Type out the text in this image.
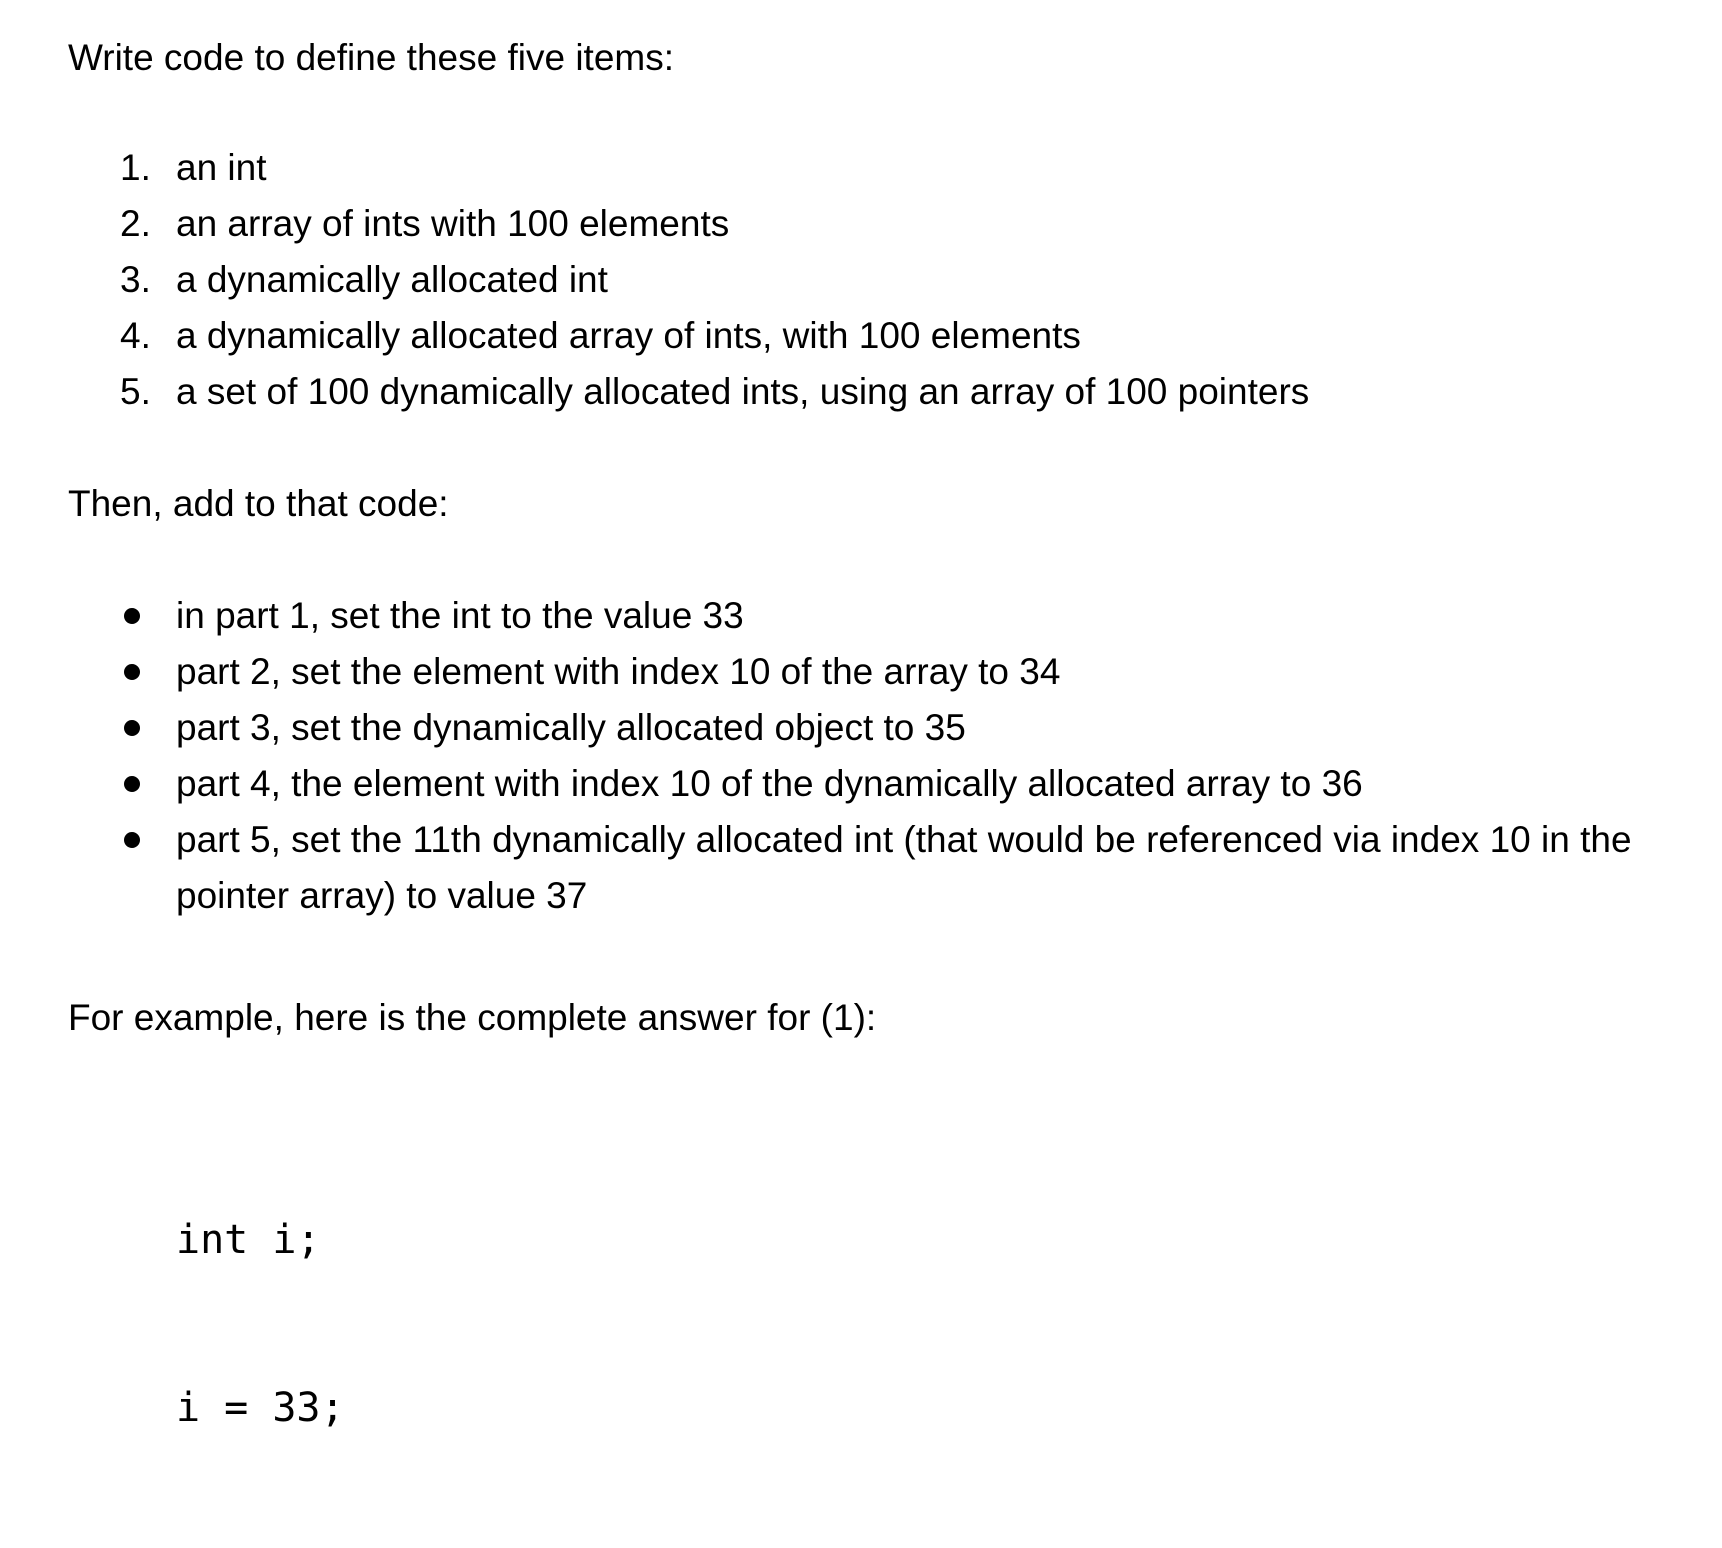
Write code to define these five items:

1. an int
2. an array of ints with 100 elements
3. a dynamically allocated int
4. a dynamically allocated array of ints, with 100 elements
5. a set of 100 dynamically allocated ints, using an array of 100 pointers

Then, add to that code:

in part 1, set the int to the value 33
part 2, set the element with index 10 of the array to 34
part 3, set the dynamically allocated object to 35
part 4, the element with index 10 of the dynamically allocated array to 36
part 5, set the 11th dynamically allocated int (that would be referenced via index 10 in the pointer array) to value 37

For example, here is the complete answer for (1):

int i;

i = 33;
